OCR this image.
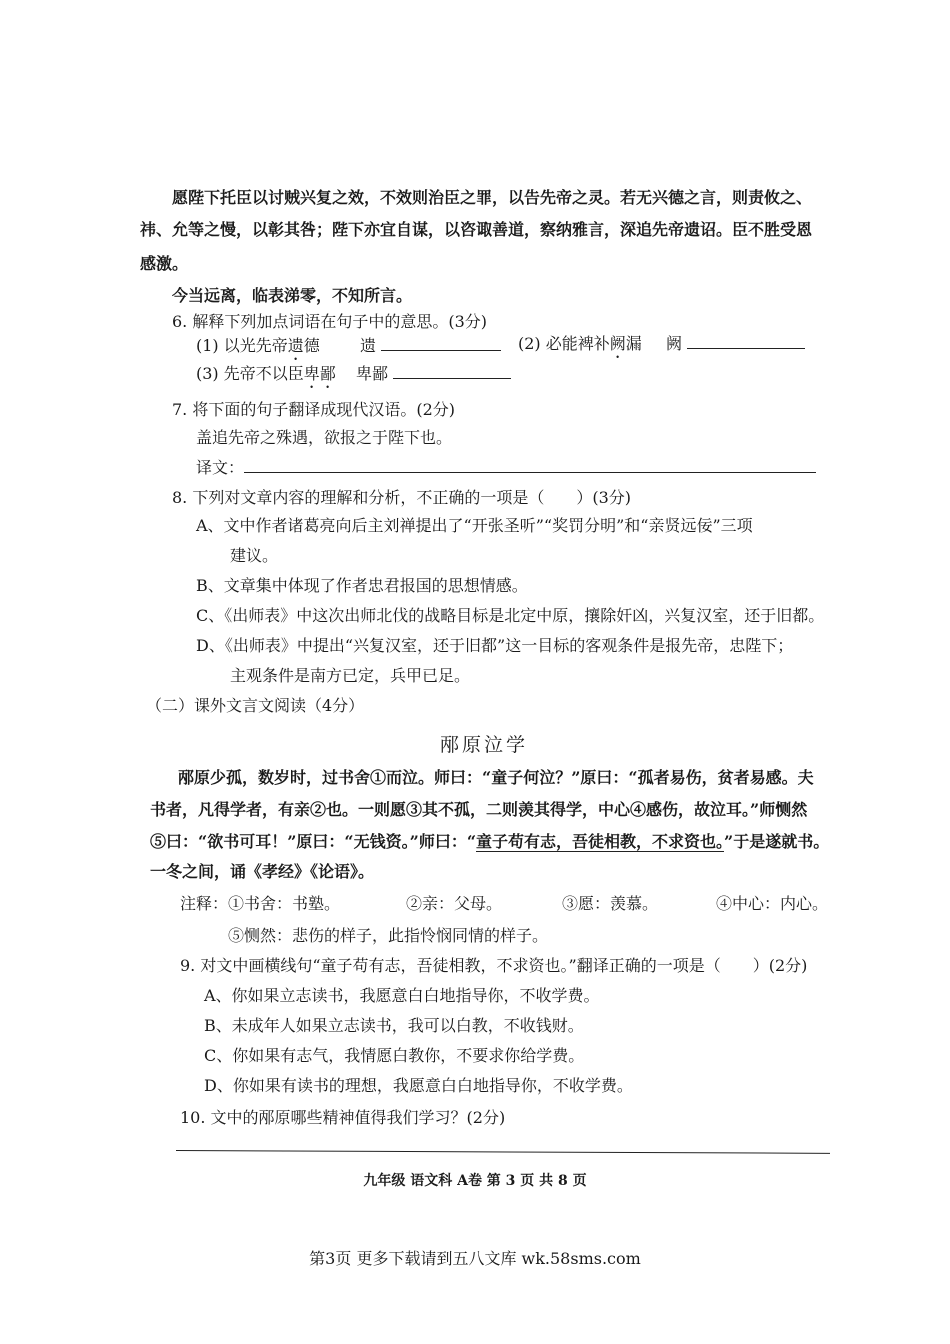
愿陛下托臣以讨贼兴复之效，不效则治臣之罪，以告先帝之灵。若无兴德之言，则责攸之、
祎、允等之慢，以彰其咎；陛下亦宜自谋，以咨诹善道，察纳雅言，深追先帝遗诏。臣不胜受恩
感激。
今当远离，临表涕零，不知所言。
6. 解释下列加点词语在句子中的意思。(3分)
(1) 以光先帝遗德	遗	(2) 必能裨补阙漏 阙
(3) 先帝不以臣卑鄙 卑鄙
7. 将下面的句子翻译成现代汉语。(2分)
盖追先帝之殊遇，欲报之于陛下也。
译文：
8. 下列对文章内容的理解和分析，不正确的一项是（　　）(3分)
A、文中作者诸葛亮向后主刘禅提出了“开张圣听”“奖罚分明”和“亲贤远佞”三项
建议。
B、文章集中体现了作者忠君报国的思想情感。
C、《出师表》中这次出师北伐的战略目标是北定中原，攘除奸凶，兴复汉室，还于旧都。
D、《出师表》中提出“兴复汉室，还于旧都”这一目标的客观条件是报先帝，忠陛下；
主观条件是南方已定，兵甲已足。
（二）课外文言文阅读（4分）
邴原泣学
邴原少孤，数岁时，过书舍①而泣。师曰：“童子何泣？”原曰：“孤者易伤，贫者易感。夫
书者，凡得学者，有亲②也。一则愿③其不孤，二则羡其得学，中心④感伤，故泣耳。”师恻然
⑤曰：“欲书可耳！”原曰：“无钱资。”师曰：“童子苟有志，吾徒相教，不求资也。”于是遂就书。
一冬之间，诵《孝经》《论语》。
注释： ①书舍：书塾。	②亲：父母。	③愿：羡慕。	④中心：内心。
⑤恻然：悲伤的样子，此指怜悯同情的样子。
9. 对文中画横线句“童子苟有志，吾徒相教，不求资也。”翻译正确的一项是（　　）(2分)
A、你如果立志读书，我愿意白白地指导你，不收学费。
B、未成年人如果立志读书，我可以白教，不收钱财。
C、你如果有志气，我情愿白教你，不要求你给学费。
D、你如果有读书的理想，我愿意白白地指导你，不收学费。
10. 文中的邴原哪些精神值得我们学习？(2分)
九年级 语文科 A卷 第 3 页 共 8 页
第3页 更多下载请到五八文库 wk.58sms.com
